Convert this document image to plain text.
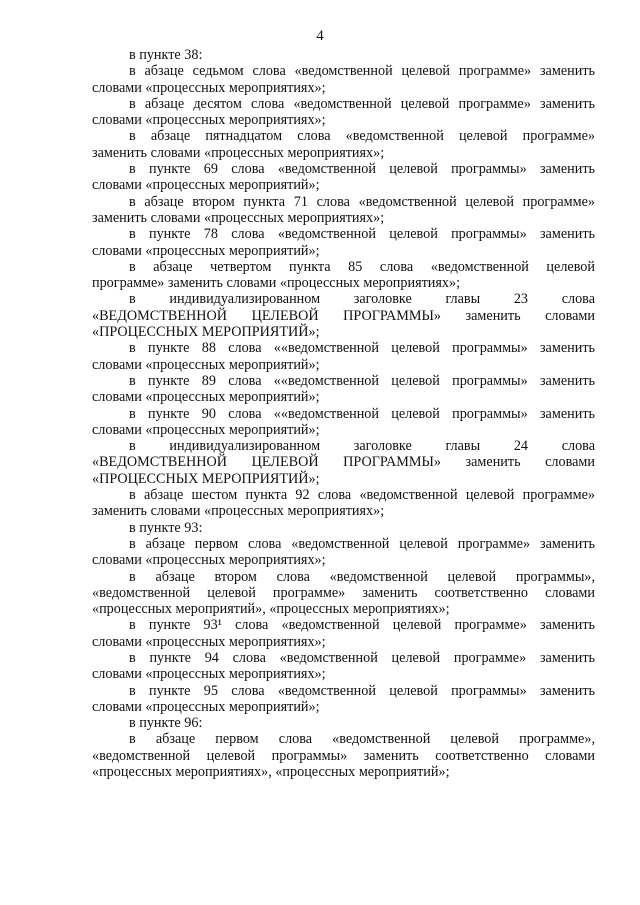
4
в пункте 38:
в абзаце седьмом слова «ведомственной целевой программе» заменить
словами «процессных мероприятиях»;
в абзаце десятом слова «ведомственной целевой программе» заменить
словами «процессных мероприятиях»;
в абзаце пятнадцатом слова «ведомственной целевой программе»
заменить словами «процессных мероприятиях»;
в пункте 69 слова «ведомственной целевой программы» заменить
словами «процессных мероприятий»;
в абзаце втором пункта 71 слова «ведомственной целевой программе»
заменить словами «процессных мероприятиях»;
в пункте 78 слова «ведомственной целевой программы» заменить
словами «процессных мероприятий»;
в абзаце четвертом пункта 85 слова «ведомственной целевой
программе» заменить словами «процессных мероприятиях»;
в индивидуализированном заголовке главы 23 слова
«ВЕДОМСТВЕННОЙ ЦЕЛЕВОЙ ПРОГРАММЫ» заменить словами
«ПРОЦЕССНЫХ МЕРОПРИЯТИЙ»;
в пункте 88 слова ««ведомственной целевой программы» заменить
словами «процессных мероприятий»;
в пункте 89 слова ««ведомственной целевой программы» заменить
словами «процессных мероприятий»;
в пункте 90 слова ««ведомственной целевой программы» заменить
словами «процессных мероприятий»;
в индивидуализированном заголовке главы 24 слова
«ВЕДОМСТВЕННОЙ ЦЕЛЕВОЙ ПРОГРАММЫ» заменить словами
«ПРОЦЕССНЫХ МЕРОПРИЯТИЙ»;
в абзаце шестом пункта 92 слова «ведомственной целевой программе»
заменить словами «процессных мероприятиях»;
в пункте 93:
в абзаце первом слова «ведомственной целевой программе» заменить
словами «процессных мероприятиях»;
в абзаце втором слова «ведомственной целевой программы»,
«ведомственной целевой программе» заменить соответственно словами
«процессных мероприятий», «процессных мероприятиях»;
в пункте 93¹ слова «ведомственной целевой программе» заменить
словами «процессных мероприятиях»;
в пункте 94 слова «ведомственной целевой программе» заменить
словами «процессных мероприятиях»;
в пункте 95 слова «ведомственной целевой программы» заменить
словами «процессных мероприятий»;
в пункте 96:
в абзаце первом слова «ведомственной целевой программе»,
«ведомственной целевой программы» заменить соответственно словами
«процессных мероприятиях», «процессных мероприятий»;
